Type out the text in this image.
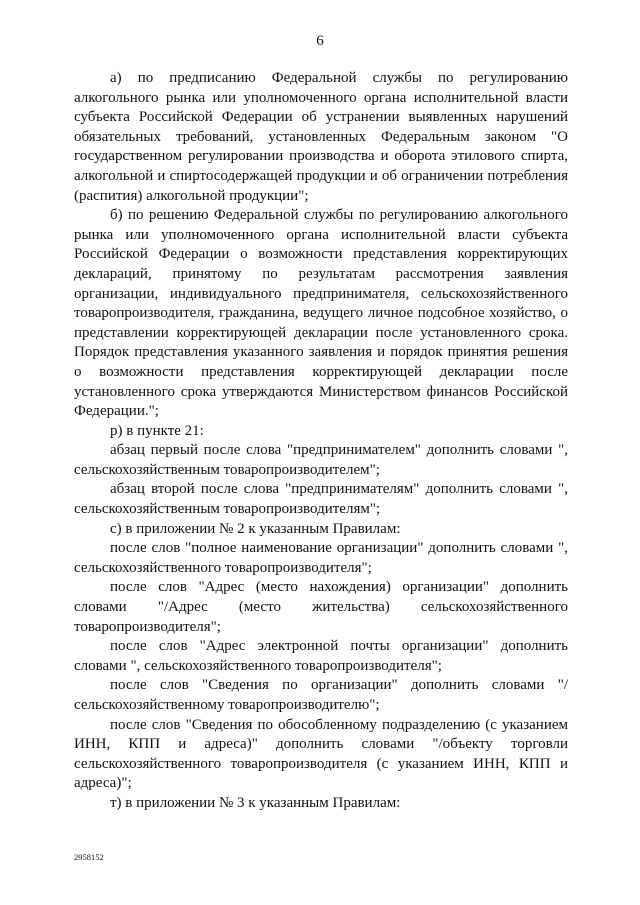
6

а) по предписанию Федеральной службы по регулированию алкогольного рынка или уполномоченного органа исполнительной власти субъекта Российской Федерации об устранении выявленных нарушений обязательных требований, установленных Федеральным законом "О государственном регулировании производства и оборота этилового спирта, алкогольной и спиртосодержащей продукции и об ограничении потребления (распития) алкогольной продукции";

б) по решению Федеральной службы по регулированию алкогольного рынка или уполномоченного органа исполнительной власти субъекта Российской Федерации о возможности представления корректирующих деклараций, принятому по результатам рассмотрения заявления организации, индивидуального предпринимателя, сельскохозяйственного товаропроизводителя, гражданина, ведущего личное подсобное хозяйство, о представлении корректирующей декларации после установленного срока. Порядок представления указанного заявления и порядок принятия решения о возможности представления корректирующей декларации после установленного срока утверждаются Министерством финансов Российской Федерации.";

р) в пункте 21:

абзац первый после слова "предпринимателем" дополнить словами ", сельскохозяйственным товаропроизводителем";

абзац второй после слова "предпринимателям" дополнить словами ", сельскохозяйственным товаропроизводителям";

с) в приложении № 2 к указанным Правилам:

после слов "полное наименование организации" дополнить словами ", сельскохозяйственного товаропроизводителя";

после слов "Адрес (место нахождения) организации" дополнить словами "/Адрес (место жительства) сельскохозяйственного товаропроизводителя";

после слов "Адрес электронной почты организации" дополнить словами ", сельскохозяйственного товаропроизводителя";

после слов "Сведения по организации" дополнить словами "/сельскохозяйственному товаропроизводителю";

после слов "Сведения по обособленному подразделению (с указанием ИНН, КПП и адреса)" дополнить словами "/объекту торговли сельскохозяйственного товаропроизводителя (с указанием ИНН, КПП и адреса)";

т) в приложении № 3 к указанным Правилам:

2958152
